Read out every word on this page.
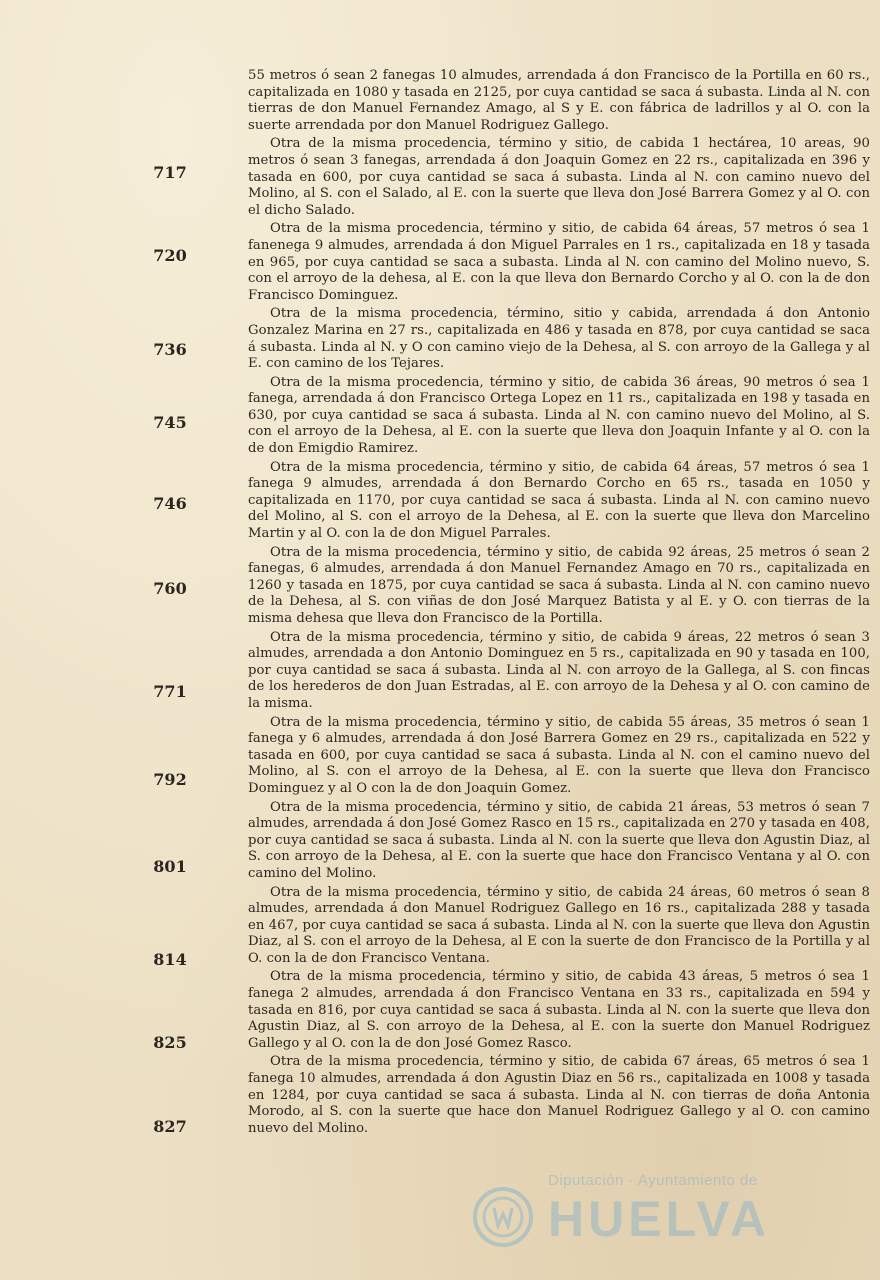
717
720
736
745
746
760
771
792
801
814
825
827

55 metros ó sean 2 fanegas 10 almudes, arrendada á don Francisco de la Portilla en 60 rs., capitalizada en 1080 y tasada en 2125, por cuya cantidad se saca á subasta. Linda al N. con tierras de don Manuel Fernandez Amago, al S y E. con fábrica de ladrillos y al O. con la suerte arrendada por don Manuel Rodriguez Gallego.

Otra de la misma procedencia, término y sitio, de cabida 1 hectárea, 10 areas, 90 metros ó sean 3 fanegas, arrendada á don Joaquin Gomez en 22 rs., capitalizada en 396 y tasada en 600, por cuya cantidad se saca á subasta. Linda al N. con camino nuevo del Molino, al S. con el Salado, al E. con la suerte que lleva don José Barrera Gomez y al O. con el dicho Salado.

Otra de la misma procedencia, término y sitio, de cabida 64 áreas, 57 metros ó sea 1 fanenega 9 almudes, arrendada á don Miguel Parrales en 1 rs., capitalizada en 18 y tasada en 965, por cuya cantidad se saca a subasta. Linda al N. con camino del Molino nuevo, S. con el arroyo de la dehesa, al E. con la que lleva don Bernardo Corcho y al O. con la de don Francisco Dominguez.

Otra de la misma procedencia, término, sitio y cabida, arrendada á don Antonio Gonzalez Marina en 27 rs., capitalizada en 486 y tasada en 878, por cuya cantidad se saca á subasta. Linda al N. y O con camino viejo de la Dehesa, al S. con arroyo de la Gallega y al E. con camino de los Tejares.

Otra de la misma procedencia, término y sitio, de cabida 36 áreas, 90 metros ó sea 1 fanega, arrendada á don Francisco Ortega Lopez en 11 rs., capitalizada en 198 y tasada en 630, por cuya cantidad se saca á subasta. Linda al N. con camino nuevo del Molino, al S. con el arroyo de la Dehesa, al E. con la suerte que lleva don Joaquin Infante y al O. con la de don Emigdio Ramirez.

Otra de la misma procedencia, término y sitio, de cabida 64 áreas, 57 metros ó sea 1 fanega 9 almudes, arrendada á don Bernardo Corcho en 65 rs., tasada en 1050 y capitalizada en 1170, por cuya cantidad se saca á subasta. Linda al N. con camino nuevo del Molino, al S. con el arroyo de la Dehesa, al E. con la suerte que lleva don Marcelino Martin y al O. con la de don Miguel Parrales.

Otra de la misma procedencia, término y sitio, de cabida 92 áreas, 25 metros ó sean 2 fanegas, 6 almudes, arrendada á don Manuel Fernandez Amago en 70 rs., capitalizada en 1260 y tasada en 1875, por cuya cantidad se saca á subasta. Linda al N. con camino nuevo de la Dehesa, al S. con viñas de don José Marquez Batista y al E. y O. con tierras de la misma dehesa que lleva don Francisco de la Portilla.

Otra de la misma procedencia, término y sitio, de cabida 9 áreas, 22 metros ó sean 3 almudes, arrendada a don Antonio Dominguez en 5 rs., capitalizada en 90 y tasada en 100, por cuya cantidad se saca á subasta. Linda al N. con arroyo de la Gallega, al S. con fincas de los herederos de don Juan Estradas, al E. con arroyo de la Dehesa y al O. con camino de la misma.

Otra de la misma procedencia, término y sitio, de cabida 55 áreas, 35 metros ó sean 1 fanega y 6 almudes, arrendada á don José Barrera Gomez en 29 rs., capitalizada en 522 y tasada en 600, por cuya cantidad se saca á subasta. Linda al N. con el camino nuevo del Molino, al S. con el arroyo de la Dehesa, al E. con la suerte que lleva don Francisco Dominguez y al O con la de don Joaquin Gomez.

Otra de la misma procedencia, término y sitio, de cabida 21 áreas, 53 metros ó sean 7 almudes, arrendada á don José Gomez Rasco en 15 rs., capitalizada en 270 y tasada en 408, por cuya cantidad se saca á subasta. Linda al N. con la suerte que lleva don Agustin Diaz, al S. con arroyo de la Dehesa, al E. con la suerte que hace don Francisco Ventana y al O. con camino del Molino.

Otra de la misma procedencia, término y sitio, de cabida 24 áreas, 60 metros ó sean 8 almudes, arrendada á don Manuel Rodriguez Gallego en 16 rs., capitalizada 288 y tasada en 467, por cuya cantidad se saca á subasta. Linda al N. con la suerte que lleva don Agustin Diaz, al S. con el arroyo de la Dehesa, al E con la suerte de don Francisco de la Portilla y al O. con la de don Francisco Ventana.

Otra de la misma procedencia, término y sitio, de cabida 43 áreas, 5 metros ó sea 1 fanega 2 almudes, arrendada á don Francisco Ventana en 33 rs., capitalizada en 594 y tasada en 816, por cuya cantidad se saca á subasta. Linda al N. con la suerte que lleva don Agustin Diaz, al S. con arroyo de la Dehesa, al E. con la suerte don Manuel Rodriguez Gallego y al O. con la de don José Gomez Rasco.

Otra de la misma procedencia, término y sitio, de cabida 67 áreas, 65 metros ó sea 1 fanega 10 almudes, arrendada á don Agustin Diaz en 56 rs., capitalizada en 1008 y tasada en 1284, por cuya cantidad se saca á subasta. Linda al N. con tierras de doña Antonia Morodo, al S. con la suerte que hace don Manuel Rodriguez Gallego y al O. con camino nuevo del Molino.

Diputación · Ayuntamiento de
HUELVA
